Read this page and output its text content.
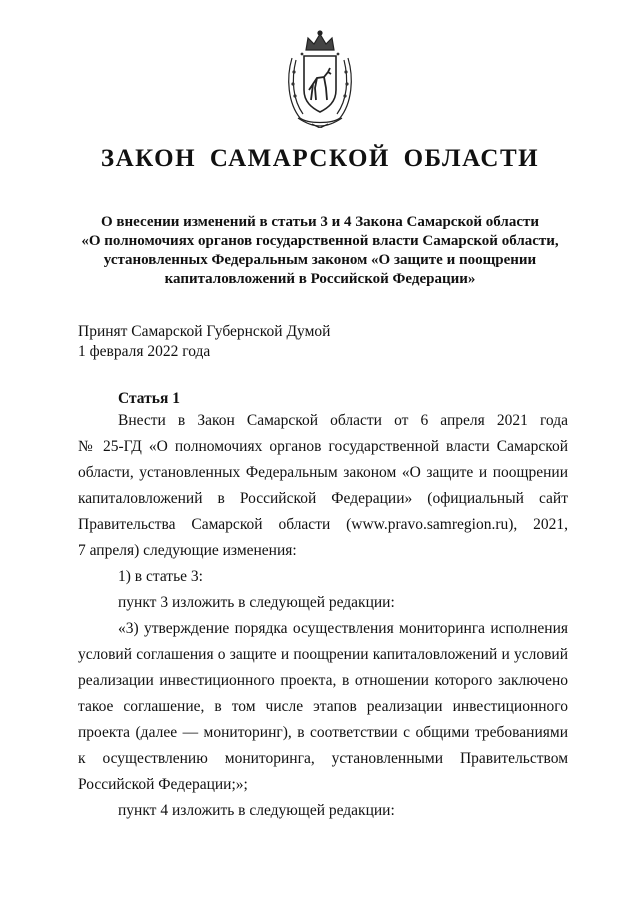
ЗАКОН САМАРСКОЙ ОБЛАСТИ
О внесении изменений в статьи 3 и 4 Закона Самарской области
«О полномочиях органов государственной власти Самарской области,
установленных Федеральным законом «О защите и поощрении
капиталовложений в Российской Федерации»
Принят Самарской Губернской Думой
1 февраля 2022 года
Статья 1
Внести в Закон Самарской области от 6 апреля 2021 года
№ 25-ГД «О полномочиях органов государственной власти Самарской
области, установленных Федеральным законом «О защите и поощрении
капиталовложений в Российской Федерации» (официальный сайт
Правительства Самарской области (www.pravo.samregion.ru), 2021,
7 апреля) следующие изменения:
1) в статье 3:
пункт 3 изложить в следующей редакции:
«3) утверждение порядка осуществления мониторинга исполнения
условий соглашения о защите и поощрении капиталовложений и условий
реализации инвестиционного проекта, в отношении которого заключено
такое соглашение, в том числе этапов реализации инвестиционного
проекта (далее — мониторинг), в соответствии с общими требованиями
к осуществлению мониторинга, установленными Правительством
Российской Федерации;»;
пункт 4 изложить в следующей редакции:
